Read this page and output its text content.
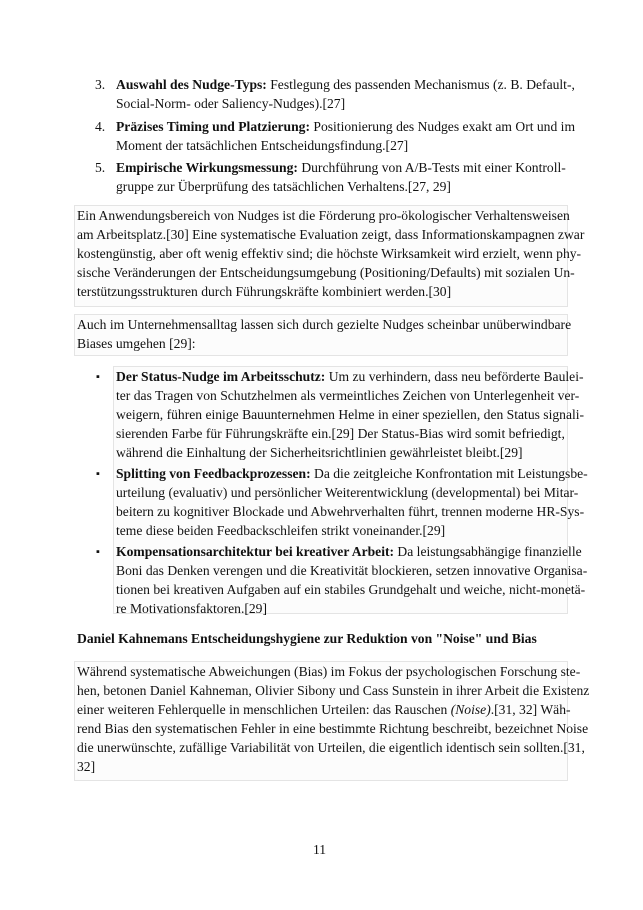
3. Auswahl des Nudge-Typs: Festlegung des passenden Mechanismus (z. B. Default-,
Social-Norm- oder Saliency-Nudges).[27]
4. Präzises Timing und Platzierung: Positionierung des Nudges exakt am Ort und im
Moment der tatsächlichen Entscheidungsfindung.[27]
5. Empirische Wirkungsmessung: Durchführung von A/B-Tests mit einer Kontroll-
gruppe zur Überprüfung des tatsächlichen Verhaltens.[27, 29]
Ein Anwendungsbereich von Nudges ist die Förderung pro-ökologischer Verhaltensweisen
am Arbeitsplatz.[30] Eine systematische Evaluation zeigt, dass Informationskampagnen zwar
kostengünstig, aber oft wenig effektiv sind; die höchste Wirksamkeit wird erzielt, wenn phy-
sische Veränderungen der Entscheidungsumgebung (Positioning/Defaults) mit sozialen Un-
terstützungsstrukturen durch Führungskräfte kombiniert werden.[30]
Auch im Unternehmensalltag lassen sich durch gezielte Nudges scheinbar unüberwindbare
Biases umgehen [29]:
▪ Der Status-Nudge im Arbeitsschutz: Um zu verhindern, dass neu beförderte Baulei-
ter das Tragen von Schutzhelmen als vermeintliches Zeichen von Unterlegenheit ver-
weigern, führen einige Bauunternehmen Helme in einer speziellen, den Status signali-
sierenden Farbe für Führungskräfte ein.[29] Der Status-Bias wird somit befriedigt,
während die Einhaltung der Sicherheitsrichtlinien gewährleistet bleibt.[29]
▪ Splitting von Feedbackprozessen: Da die zeitgleiche Konfrontation mit Leistungsbe-
urteilung (evaluativ) und persönlicher Weiterentwicklung (developmental) bei Mitar-
beitern zu kognitiver Blockade und Abwehrverhalten führt, trennen moderne HR-Sys-
teme diese beiden Feedbackschleifen strikt voneinander.[29]
▪ Kompensationsarchitektur bei kreativer Arbeit: Da leistungsabhängige finanzielle
Boni das Denken verengen und die Kreativität blockieren, setzen innovative Organisa-
tionen bei kreativen Aufgaben auf ein stabiles Grundgehalt und weiche, nicht-monetä-
re Motivationsfaktoren.[29]
Daniel Kahnemans Entscheidungshygiene zur Reduktion von "Noise" und Bias
Während systematische Abweichungen (Bias) im Fokus der psychologischen Forschung ste-
hen, betonen Daniel Kahneman, Olivier Sibony und Cass Sunstein in ihrer Arbeit die Existenz
einer weiteren Fehlerquelle in menschlichen Urteilen: das Rauschen (Noise).[31, 32] Wäh-
rend Bias den systematischen Fehler in eine bestimmte Richtung beschreibt, bezeichnet Noise
die unerwünschte, zufällige Variabilität von Urteilen, die eigentlich identisch sein sollten.[31,
32]
11
